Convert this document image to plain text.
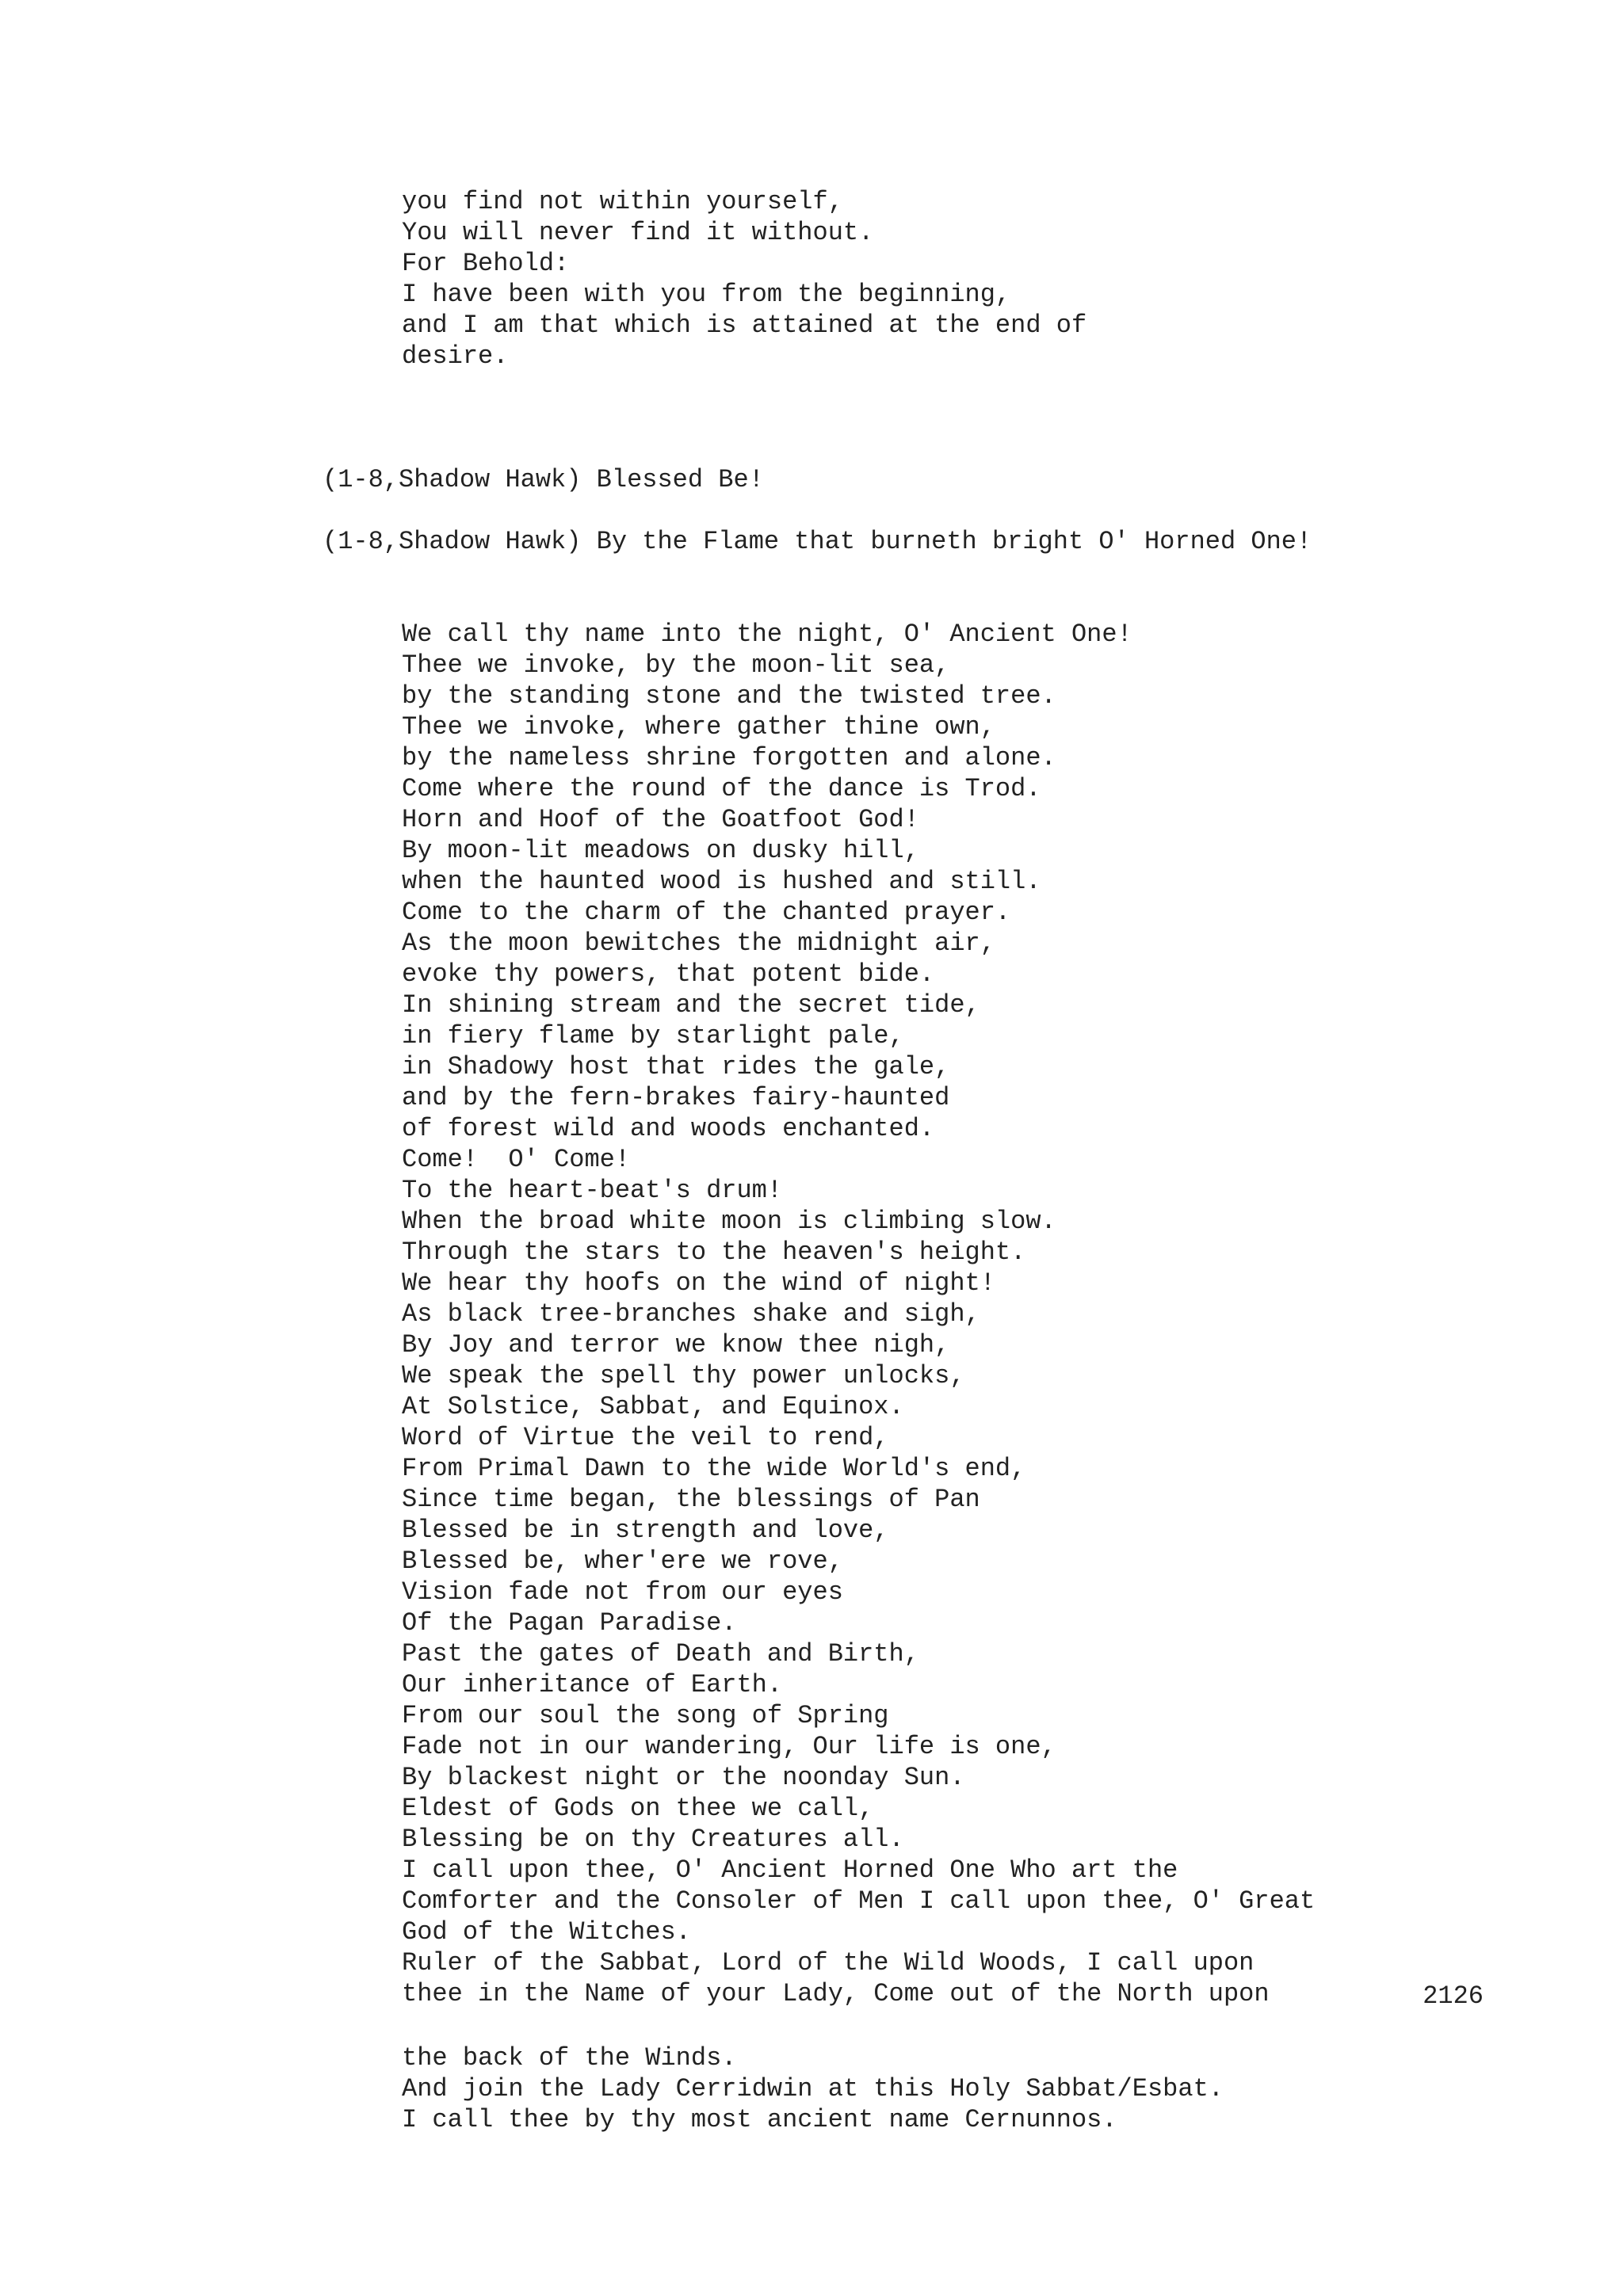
you find not within yourself,
You will never find it without.
For Behold:
I have been with you from the beginning,
and I am that which is attained at the end of
desire.

(1-8,Shadow Hawk) Blessed Be!

(1-8,Shadow Hawk) By the Flame that burneth bright O' Horned One!

We call thy name into the night, O' Ancient One!
Thee we invoke, by the moon-lit sea,
by the standing stone and the twisted tree.
Thee we invoke, where gather thine own,
by the nameless shrine forgotten and alone.
Come where the round of the dance is Trod.
Horn and Hoof of the Goatfoot God!
By moon-lit meadows on dusky hill,
when the haunted wood is hushed and still.
Come to the charm of the chanted prayer.
As the moon bewitches the midnight air,
evoke thy powers, that potent bide.
In shining stream and the secret tide,
in fiery flame by starlight pale,
in Shadowy host that rides the gale,
and by the fern-brakes fairy-haunted
of forest wild and woods enchanted.
Come!  O' Come!
To the heart-beat's drum!
When the broad white moon is climbing slow.
Through the stars to the heaven's height.
We hear thy hoofs on the wind of night!
As black tree-branches shake and sigh,
By Joy and terror we know thee nigh,
We speak the spell thy power unlocks,
At Solstice, Sabbat, and Equinox.
Word of Virtue the veil to rend,
From Primal Dawn to the wide World's end,
Since time began, the blessings of Pan
Blessed be in strength and love,
Blessed be, wher'ere we rove,
Vision fade not from our eyes
Of the Pagan Paradise.
Past the gates of Death and Birth,
Our inheritance of Earth.
From our soul the song of Spring
Fade not in our wandering, Our life is one,
By blackest night or the noonday Sun.
Eldest of Gods on thee we call,
Blessing be on thy Creatures all.
I call upon thee, O' Ancient Horned One Who art the
Comforter and the Consoler of Men I call upon thee, O' Great
God of the Witches.
Ruler of the Sabbat, Lord of the Wild Woods, I call upon
thee in the Name of your Lady, Come out of the North upon	2126
the back of the Winds.
And join the Lady Cerridwin at this Holy Sabbat/Esbat.
I call thee by thy most ancient name Cernunnos.
